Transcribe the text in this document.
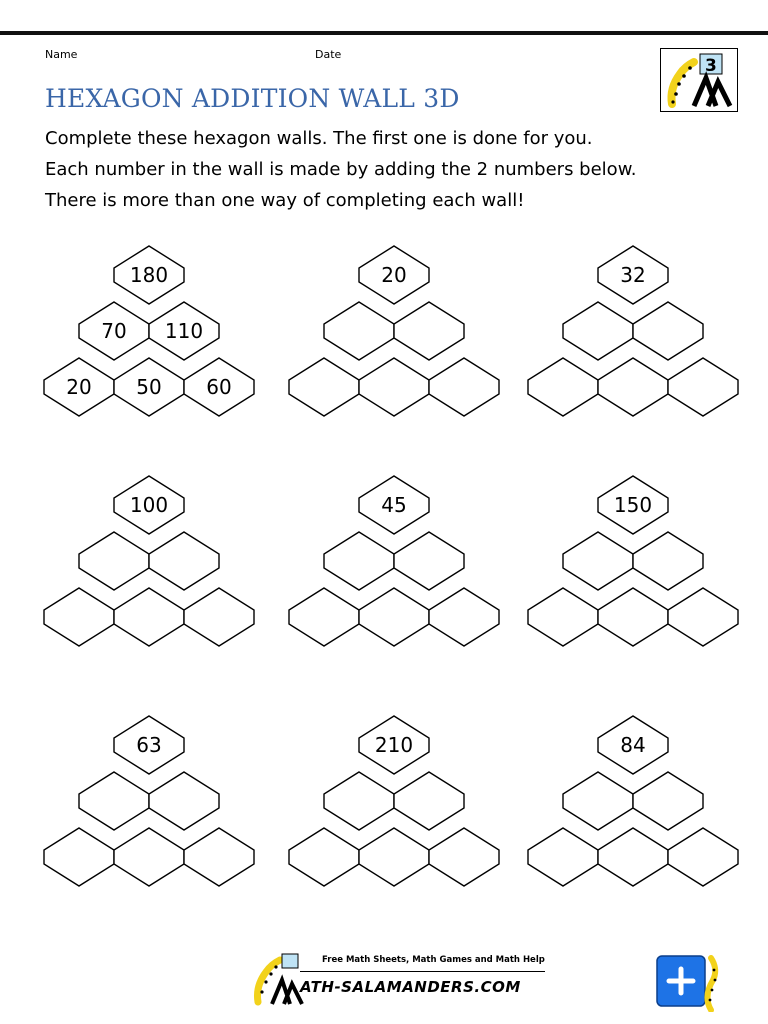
Name	Date
3
HEXAGON ADDITION WALL 3D

Complete these hexagon walls. The first one is done for you.

Each number in the wall is made by adding the 2 numbers below.

There is more than one way of completing each wall!

180
70 110
20 50 60
20	32
100	45	150
63	210	84
Free Math Sheets, Math Games and Math Help
ATH-SALAMANDERS.COM
